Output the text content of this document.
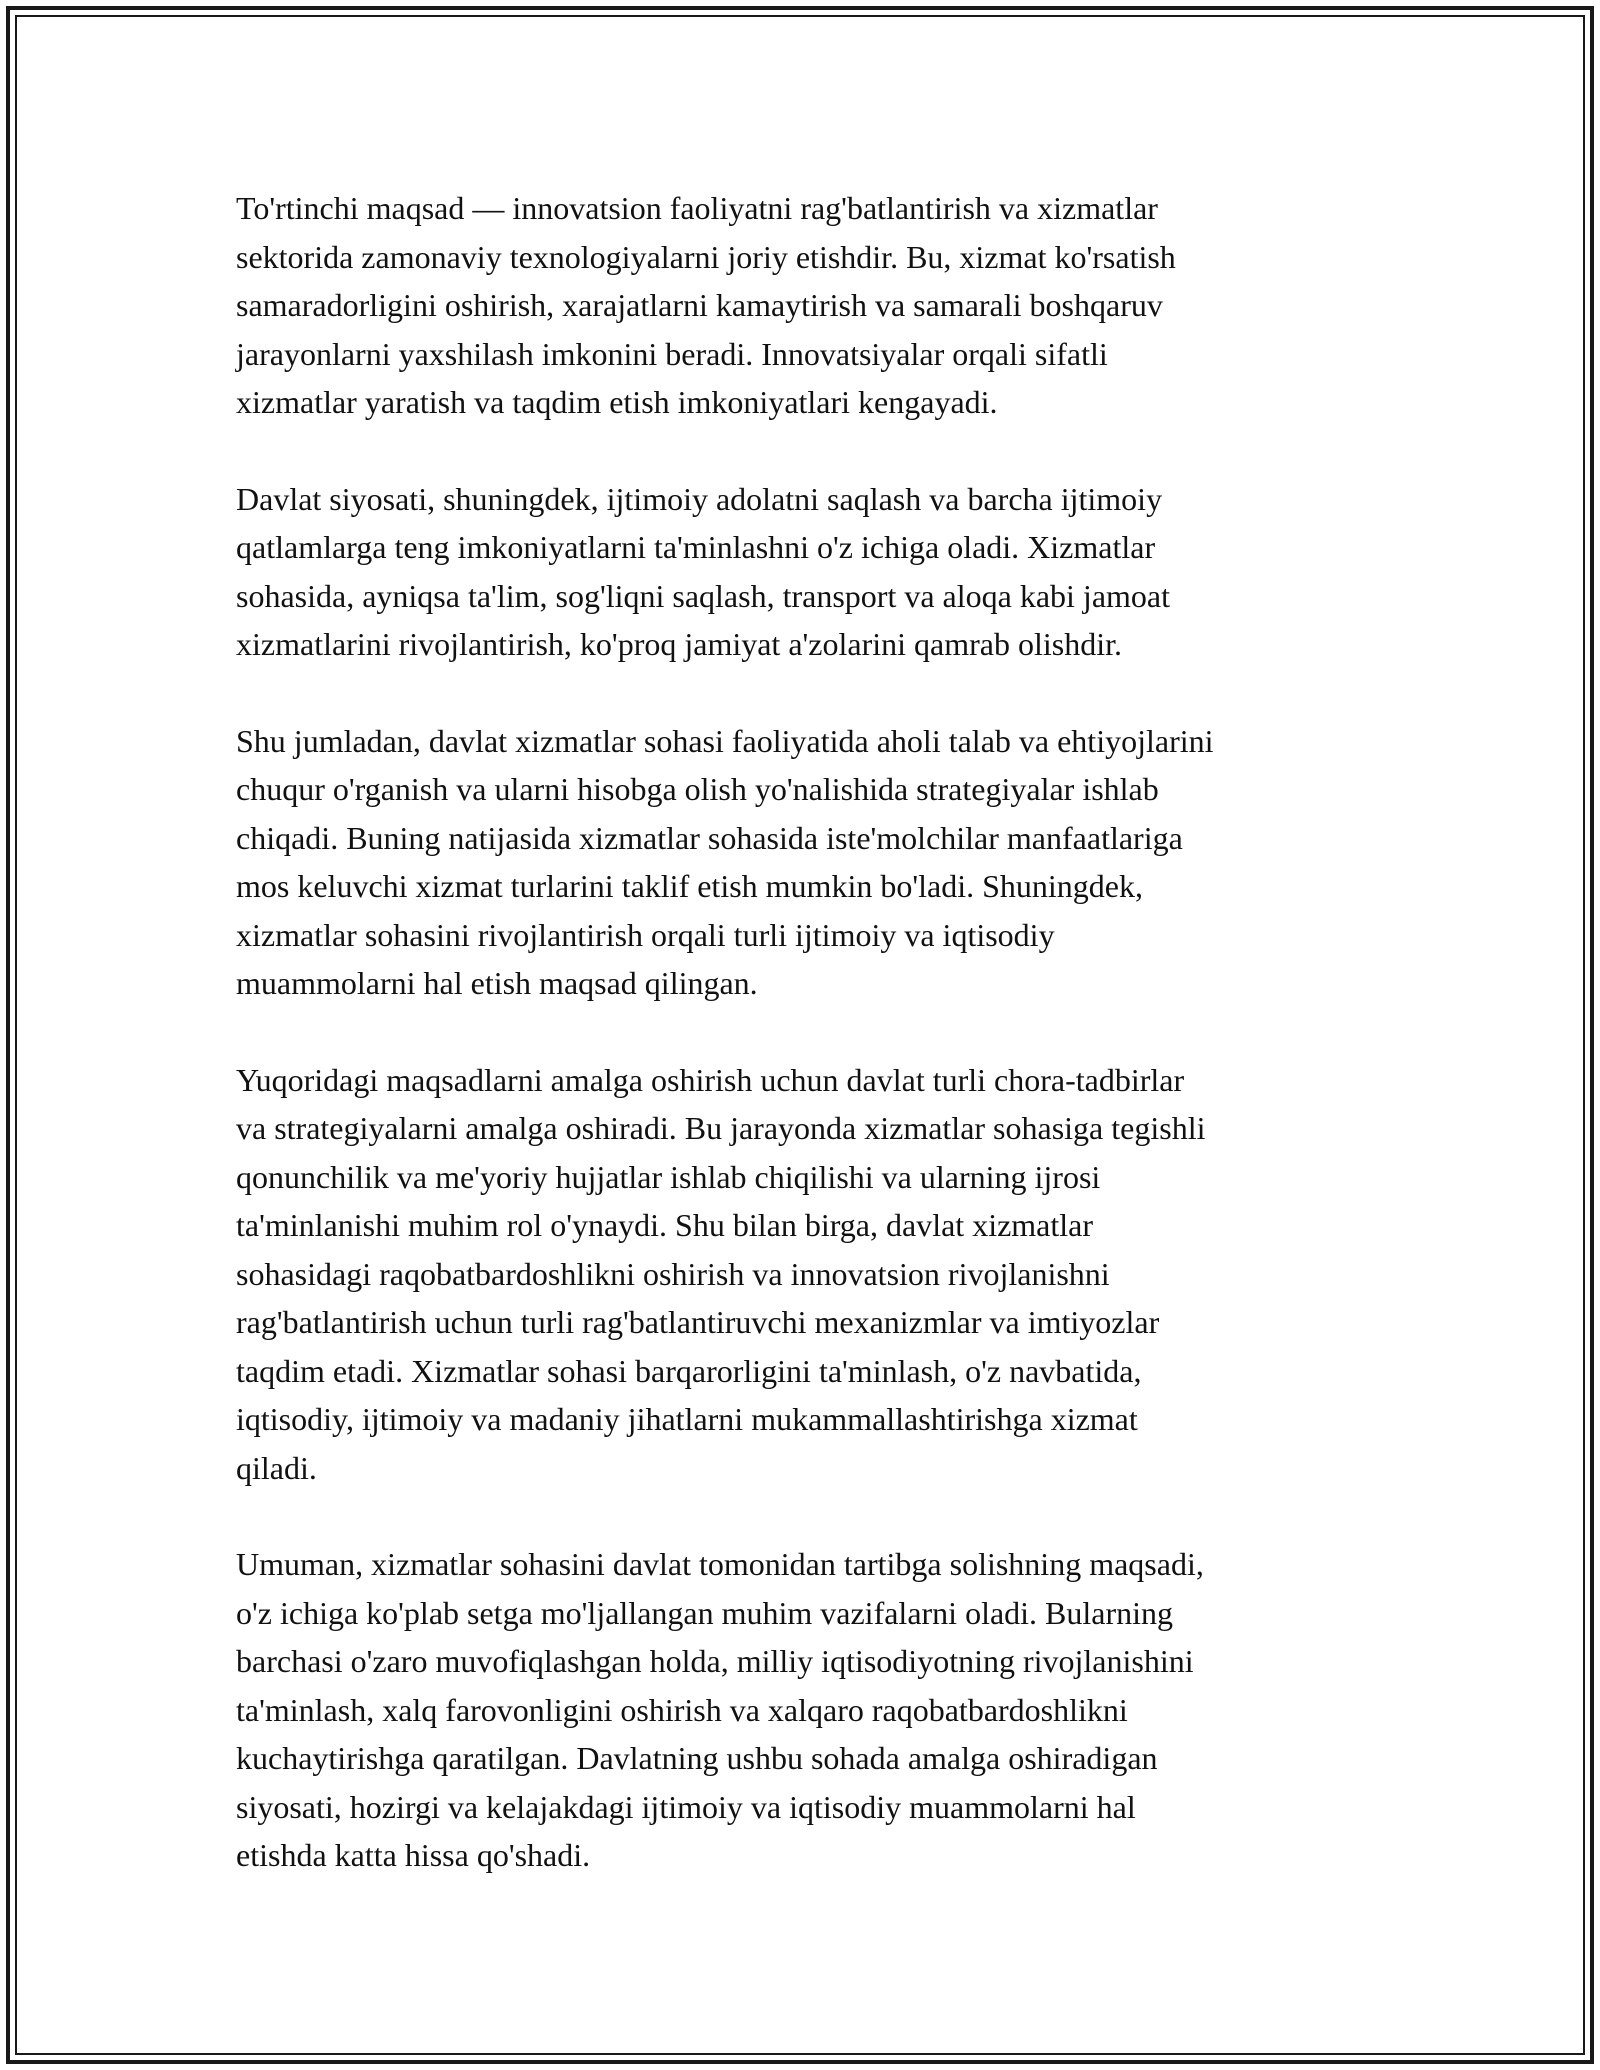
To'rtinchi maqsad — innovatsion faoliyatni rag'batlantirish va xizmatlar
sektorida zamonaviy texnologiyalarni joriy etishdir. Bu, xizmat ko'rsatish
samaradorligini oshirish, xarajatlarni kamaytirish va samarali boshqaruv
jarayonlarni yaxshilash imkonini beradi. Innovatsiyalar orqali sifatli
xizmatlar yaratish va taqdim etish imkoniyatlari kengayadi.

Davlat siyosati, shuningdek, ijtimoiy adolatni saqlash va barcha ijtimoiy
qatlamlarga teng imkoniyatlarni ta'minlashni o'z ichiga oladi. Xizmatlar
sohasida, ayniqsa ta'lim, sog'liqni saqlash, transport va aloqa kabi jamoat
xizmatlarini rivojlantirish, ko'proq jamiyat a'zolarini qamrab olishdir.

Shu jumladan, davlat xizmatlar sohasi faoliyatida aholi talab va ehtiyojlarini
chuqur o'rganish va ularni hisobga olish yo'nalishida strategiyalar ishlab
chiqadi. Buning natijasida xizmatlar sohasida iste'molchilar manfaatlariga
mos keluvchi xizmat turlarini taklif etish mumkin bo'ladi. Shuningdek,
xizmatlar sohasini rivojlantirish orqali turli ijtimoiy va iqtisodiy
muammolarni hal etish maqsad qilingan.

Yuqoridagi maqsadlarni amalga oshirish uchun davlat turli chora-tadbirlar
va strategiyalarni amalga oshiradi. Bu jarayonda xizmatlar sohasiga tegishli
qonunchilik va me'yoriy hujjatlar ishlab chiqilishi va ularning ijrosi
ta'minlanishi muhim rol o'ynaydi. Shu bilan birga, davlat xizmatlar
sohasidagi raqobatbardoshlikni oshirish va innovatsion rivojlanishni
rag'batlantirish uchun turli rag'batlantiruvchi mexanizmlar va imtiyozlar
taqdim etadi. Xizmatlar sohasi barqarorligini ta'minlash, o'z navbatida,
iqtisodiy, ijtimoiy va madaniy jihatlarni mukammallashtirishga xizmat
qiladi.

Umuman, xizmatlar sohasini davlat tomonidan tartibga solishning maqsadi,
o'z ichiga ko'plab setga mo'ljallangan muhim vazifalarni oladi. Bularning
barchasi o'zaro muvofiqlashgan holda, milliy iqtisodiyotning rivojlanishini
ta'minlash, xalq farovonligini oshirish va xalqaro raqobatbardoshlikni
kuchaytirishga qaratilgan. Davlatning ushbu sohada amalga oshiradigan
siyosati, hozirgi va kelajakdagi ijtimoiy va iqtisodiy muammolarni hal
etishda katta hissa qo'shadi.
